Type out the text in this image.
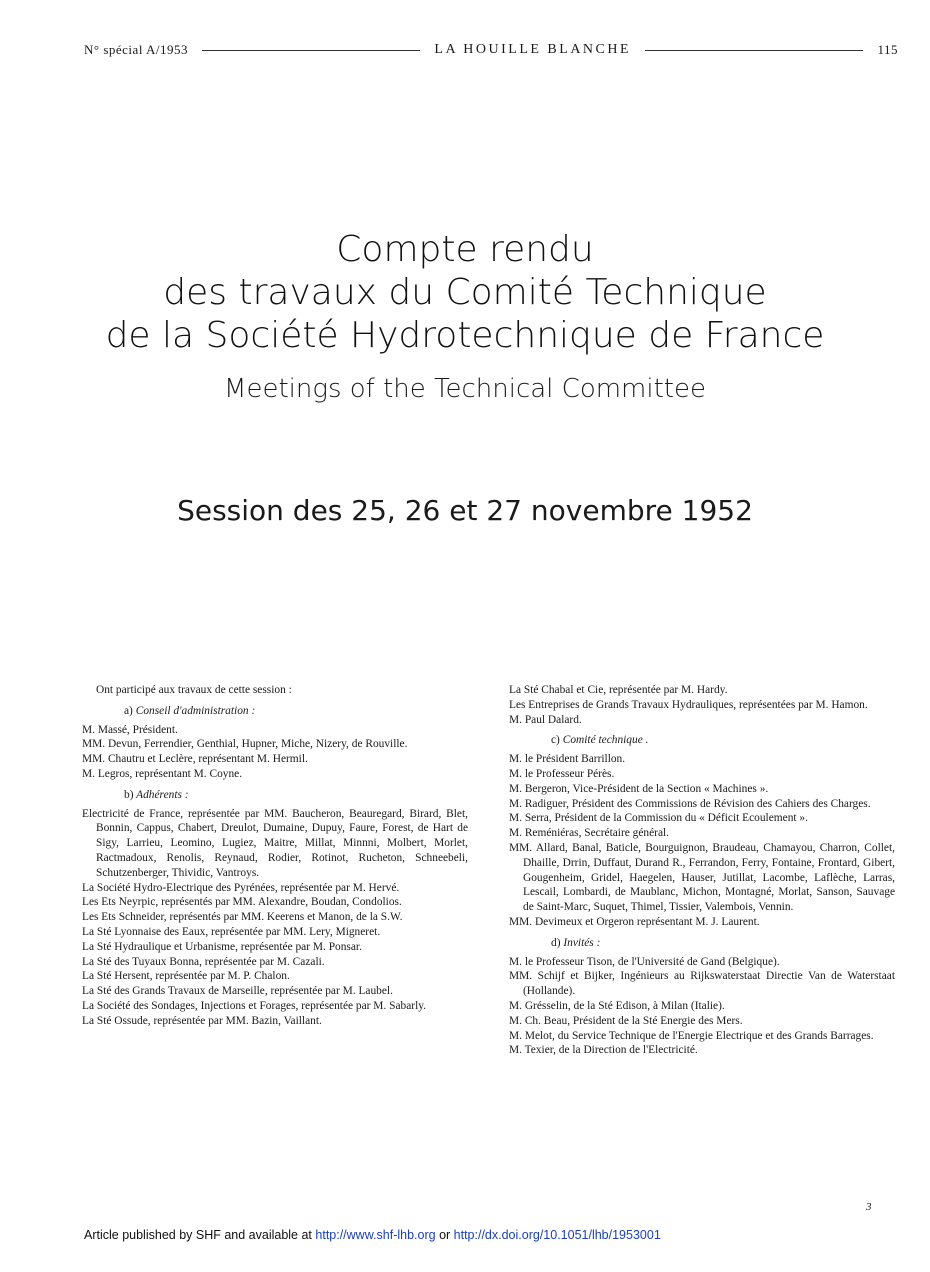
N° spécial A/1953	LA HOUILLE BLANCHE	115
Compte rendu
des travaux du Comité Technique
de la Société Hydrotechnique de France
Meetings of the Technical Committee
Session des 25, 26 et 27 novembre 1952

Ont participé aux travaux de cette session :

a) Conseil d'administration :

M. Massé, Président.

MM. Devun, Ferrendier, Genthial, Hupner, Miche, Nizery, de Rouville.

MM. Chautru et Leclère, représentant M. Hermil.

M. Legros, représentant M. Coyne.

b) Adhérents :

Electricité de France, représentée par MM. Baucheron, Beauregard, Birard, Blet, Bonnin, Cappus, Chabert, Dreulot, Dumaine, Dupuy, Faure, Forest, de Hart de Sigy, Larrieu, Leomino, Lugiez, Maitre, Millat, Minnni, Molbert, Morlet, Ractmadoux, Renolis, Reynaud, Rodier, Rotinot, Rucheton, Schneebeli, Schutzenberger, Thividic, Vantroys.

La Société Hydro-Electrique des Pyrénées, représentée par M. Hervé.

Les Ets Neyrpic, représentés par MM. Alexandre, Boudan, Condolios.

Les Ets Schneider, représentés par MM. Keerens et Manon, de la S.W.

La Sté Lyonnaise des Eaux, représentée par MM. Lery, Migneret.

La Sté Hydraulique et Urbanisme, représentée par M. Ponsar.

La Sté des Tuyaux Bonna, représentée par M. Cazali.

La Sté Hersent, représentée par M. P. Chalon.

La Sté des Grands Travaux de Marseille, représentée par M. Laubel.

La Société des Sondages, Injections et Forages, représentée par M. Sabarly.

La Sté Ossude, représentée par MM. Bazin, Vaillant.

La Sté Chabal et Cie, représentée par M. Hardy.

Les Entreprises de Grands Travaux Hydrauliques, représentées par M. Hamon.

M. Paul Dalard.

c) Comité technique .

M. le Président Barrillon.

M. le Professeur Pérès.

M. Bergeron, Vice-Président de la Section « Machines ».

M. Radiguer, Président des Commissions de Révision des Cahiers des Charges.

M. Serra, Président de la Commission du « Déficit Ecoulement ».

M. Reméniéras, Secrétaire général.

MM. Allard, Banal, Baticle, Bourguignon, Braudeau, Chamayou, Charron, Collet, Dhaille, Drrin, Duffaut, Durand R., Ferrandon, Ferry, Fontaine, Frontard, Gibert, Gougenheim, Gridel, Haegelen, Hauser, Jutillat, Lacombe, Laflèche, Larras, Lescail, Lombardi, de Maublanc, Michon, Montagné, Morlat, Sanson, Sauvage de Saint-Marc, Suquet, Thimel, Tissier, Valembois, Vennin.

MM. Devimeux et Orgeron représentant M. J. Laurent.

d) Invités :

M. le Professeur Tison, de l'Université de Gand (Belgique).

MM. Schijf et Bijker, Ingénieurs au Rijkswaterstaat Directie Van de Waterstaat (Hollande).

M. Grésselin, de la Sté Edison, à Milan (Italie).

M. Ch. Beau, Président de la Sté Energie des Mers.

M. Melot, du Service Technique de l'Energie Electrique et des Grands Barrages.

M. Texier, de la Direction de l'Electricité.

3
Article published by SHF and available at http://www.shf-lhb.org or http://dx.doi.org/10.1051/lhb/1953001
